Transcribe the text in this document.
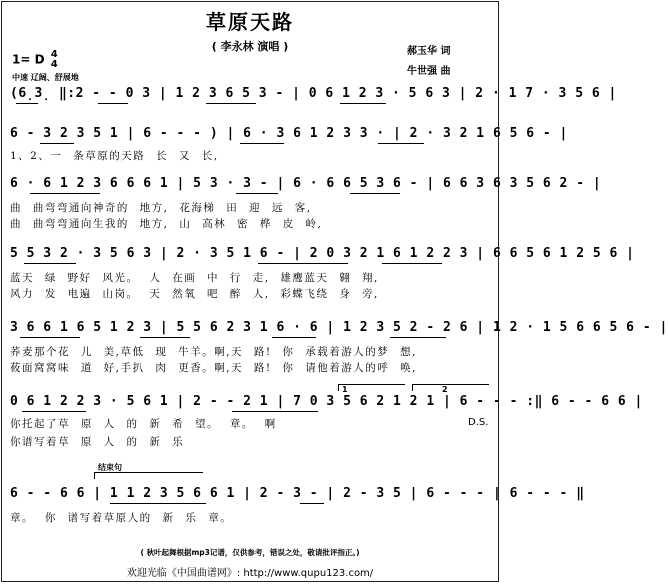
草原天路
( 李永林 演唱 )
1= D 4
4
中速 辽阔、舒展地
郝玉华 词
牛世强 曲
(6̣3̣ ‖:2 - - 0 3 | 1 2 3 6 5 3 - | 0 6 1 2 3 · 5 6 3 | 2 · 1 7 · 3 5 6 |
6 - 3 2 3 5 1 | 6 - - - ) | 6 · 3 6 1 2 3 3 · | 2 · 3 2 1 6 5 6 - |
1、2、一 条草原的天路 长 又 长,
6 · 6 1 2 3 6 6 6 1 | 5 3 · 3 - | 6 · 6 6 5 3 6 - | 6 6 3 6 3 5 6 2 - |
曲 曲弯弯通向神奇的 地方, 花海梯 田 迎 远 客,
曲 曲弯弯通向生我的 地方, 山 高林 密 桦 皮 岭,
5 5 3 2 · 3 5 6 3 | 2 · 3 5 1 6 - | 2 0 3 2 1 6 1 2 2 3 | 6 6 5 6 1 2 5 6 |
蓝天 绿 野好 风光。 人 在画 中 行 走, 雄鹰蓝天 翱 翔,
风力 发 电遍 山岗。 天 然氧 吧 醉 人, 彩蝶飞绕 身 旁,
3 6 6 1 6 5 1 2 3 | 5 5 6 2 3 1 6 · 6 | 1 2 3 5 2 - 2 6 | 1 2 · 1 5 6 6 5 6 - |
荞麦那个花 儿 美,草低 现 牛羊。啊,天 路! 你 承载着游人的梦 想,
莜面窝窝味 道 好,手扒 肉 更香。啊,天 路! 你 请他着游人的呼 唤,
1	2
0 6 1 2 2 3 · 5 6 1 | 2 - - 2 1 | 7 0 3 5 6 2 1 2 1 | 6 - - - :‖ 6 - - 6 6 |
你托起了草 原 人 的 新 希 望。 章。 啊	D.S.
你谱写着草 原 人 的 新 乐
结束句
6 - - 6 6 | 1 1 2 3 5 6 6 1 | 2 - 3 - | 2 - 3 5 | 6 - - - | 6 - - - ‖
章。 你 谱写着草原人的 新 乐 章。
( 秋叶起舞根据mp3记谱，仅供参考，错误之处，敬请批评指正。)
欢迎光临《中国曲谱网》: http://www.qupu123.com/
